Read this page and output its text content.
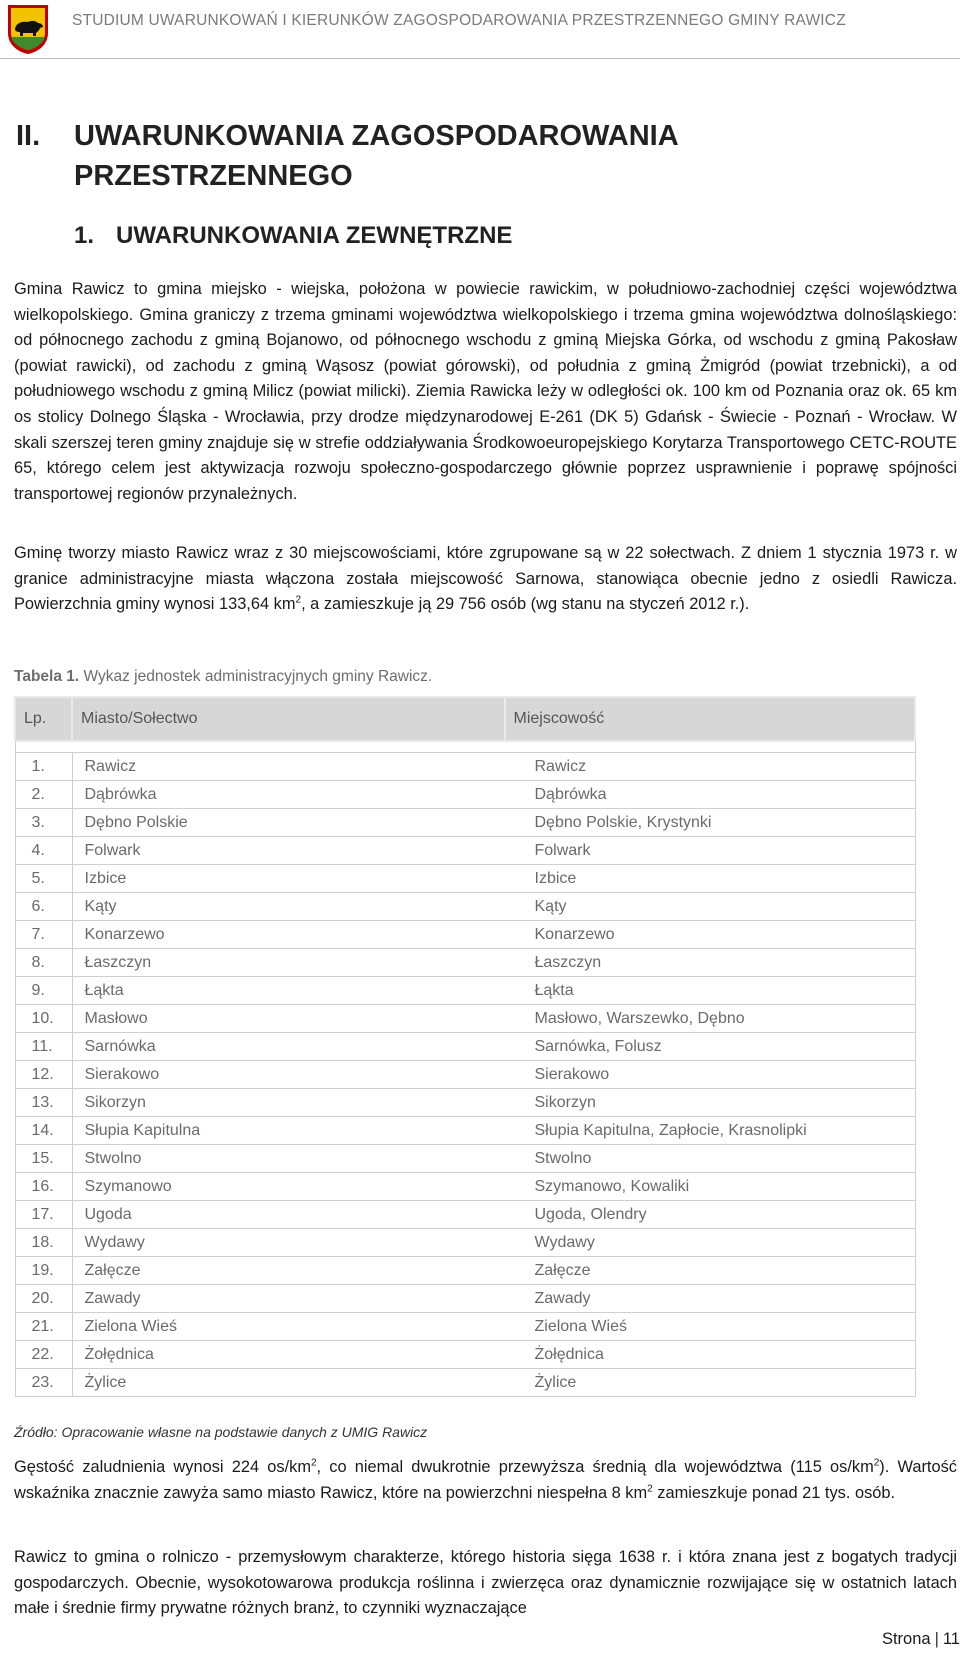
STUDIUM UWARUNKOWAŃ I KIERUNKÓW ZAGOSPODAROWANIA PRZESTRZENNEGO GMINY RAWICZ
II. UWARUNKOWANIA ZAGOSPODAROWANIA
PRZESTRZENNEGO
1. UWARUNKOWANIA ZEWNĘTRZNE

Gmina Rawicz to gmina miejsko - wiejska, położona w powiecie rawickim, w południowo-zachodniej części województwa wielkopolskiego. Gmina graniczy z trzema gminami województwa wielkopolskiego i trzema gmina województwa dolnośląskiego: od północnego zachodu z gminą Bojanowo, od północnego wschodu z gminą Miejska Górka, od wschodu z gminą Pakosław (powiat rawicki), od zachodu z gminą Wąsosz (powiat górowski), od południa z gminą Żmigród (powiat trzebnicki), a od południowego wschodu z gminą Milicz (powiat milicki). Ziemia Rawicka leży w odległości ok. 100 km od Poznania oraz ok. 65 km os stolicy Dolnego Śląska - Wrocławia, przy drodze międzynarodowej E-261 (DK 5) Gdańsk - Świecie - Poznań - Wrocław. W skali szerszej teren gminy znajduje się w strefie oddziaływania Środkowoeuropejskiego Korytarza Transportowego CETC-ROUTE 65, którego celem jest aktywizacja rozwoju społeczno-gospodarczego głównie poprzez usprawnienie i poprawę spójności transportowej regionów przynależnych.

Gminę tworzy miasto Rawicz wraz z 30 miejscowościami, które zgrupowane są w 22 sołectwach. Z dniem 1 stycznia 1973 r. w granice administracyjne miasta włączona została miejscowość Sarnowa, stanowiąca obecnie jedno z osiedli Rawicza. Powierzchnia gminy wynosi 133,64 $km^2$, a zamieszkuje ją 29 756 osób (wg stanu na styczeń 2012 r.).

Tabela 1. Wykaz jednostek administracyjnych gminy Rawicz.
Lp.	Miasto/Sołectwo	Miejscowość

1.	Rawicz	Rawicz
2.	Dąbrówka	Dąbrówka
3.	Dębno Polskie	Dębno Polskie, Krystynki
4.	Folwark	Folwark
5.	Izbice	Izbice
6.	Kąty	Kąty
7.	Konarzewo	Konarzewo
8.	Łaszczyn	Łaszczyn
9.	Łąkta	Łąkta
10.	Masłowo	Masłowo, Warszewko, Dębno
11.	Sarnówka	Sarnówka, Folusz
12.	Sierakowo	Sierakowo
13.	Sikorzyn	Sikorzyn
14.	Słupia Kapitulna	Słupia Kapitulna, Zapłocie, Krasnolipki
15.	Stwolno	Stwolno
16.	Szymanowo	Szymanowo, Kowaliki
17.	Ugoda	Ugoda, Olendry
18.	Wydawy	Wydawy
19.	Załęcze	Załęcze
20.	Zawady	Zawady
21.	Zielona Wieś	Zielona Wieś
22.	Żołędnica	Żołędnica
23.	Żylice	Żylice
Źródło: Opracowanie własne na podstawie danych z UMIG Rawicz

Gęstość zaludnienia wynosi 224 $os/km^2$, co niemal dwukrotnie przewyższa średnią dla województwa (115 $os/km^2$). Wartość wskaźnika znacznie zawyża samo miasto Rawicz, które na powierzchni niespełna 8 $km^2$ zamieszkuje ponad 21 tys. osób.

Rawicz to gmina o rolniczo - przemysłowym charakterze, którego historia sięga 1638 r. i która znana jest z bogatych tradycji gospodarczych. Obecnie, wysokotowarowa produkcja roślinna i zwierzęca oraz dynamicznie rozwijające się w ostatnich latach małe i średnie firmy prywatne różnych branż, to czynniki wyznaczające

Strona | 11
